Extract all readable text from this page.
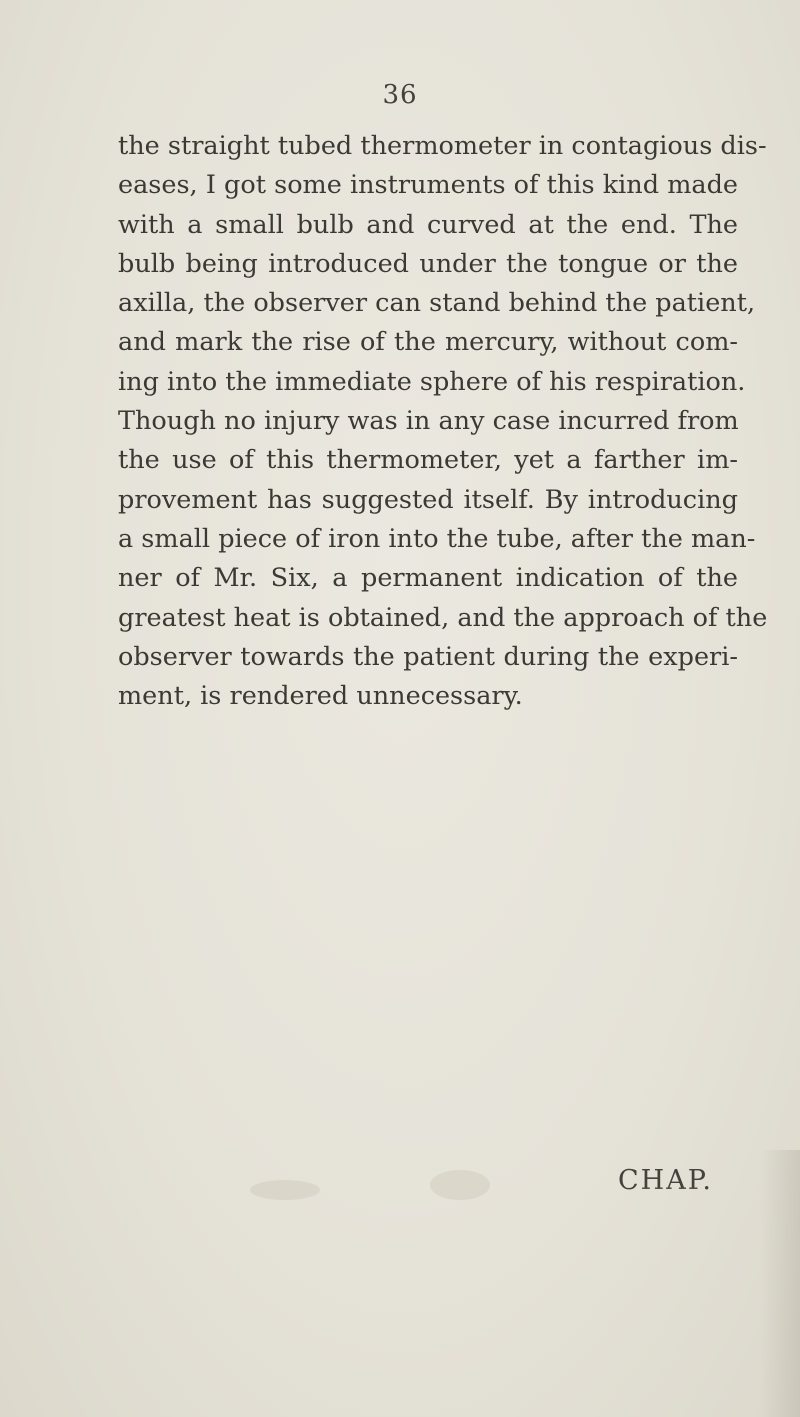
36
the straight tubed thermometer in contagious dis-
eases, I got some instruments of this kind made
with a small bulb and curved at the end. The
bulb being introduced under the tongue or the
axilla, the observer can stand behind the patient,
and mark the rise of the mercury, without com-
ing into the immediate sphere of his respiration.
Though no injury was in any case incurred from
the use of this thermometer, yet a farther im-
provement has suggested itself. By introducing
a small piece of iron into the tube, after the man-
ner of Mr. Six, a permanent indication of the
greatest heat is obtained, and the approach of the
observer towards the patient during the experi-
ment, is rendered unnecessary.
CHAP.
